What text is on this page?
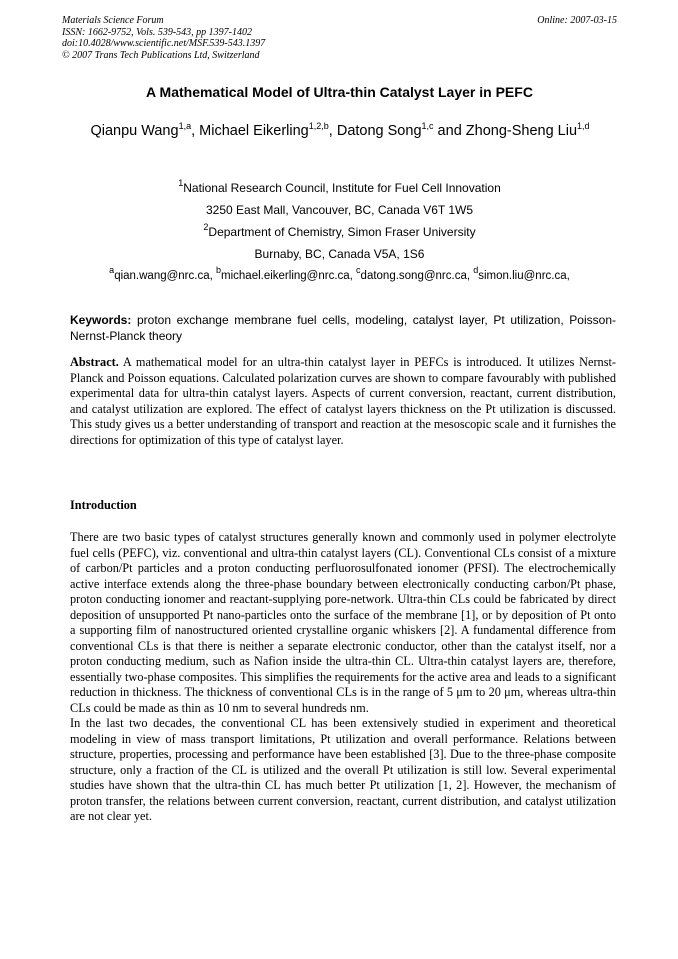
Materials Science Forum
ISSN: 1662-9752, Vols. 539-543, pp 1397-1402
doi:10.4028/www.scientific.net/MSF.539-543.1397
© 2007 Trans Tech Publications Ltd, Switzerland
Online: 2007-03-15
A Mathematical Model of Ultra-thin Catalyst Layer in PEFC
Qianpu Wang$^{1,a}$, Michael Eikerling$^{1,2,b}$, Datong Song$^{1,c}$ and Zhong-Sheng Liu$^{1,d}$
$^1$National Research Council, Institute for Fuel Cell Innovation
3250 East Mall, Vancouver, BC, Canada V6T 1W5
$^2$Department of Chemistry, Simon Fraser University
Burnaby, BC, Canada V5A, 1S6
$^a$qian.wang@nrc.ca, $^b$michael.eikerling@nrc.ca, $^c$datong.song@nrc.ca, $^d$simon.liu@nrc.ca,
Keywords: proton exchange membrane fuel cells, modeling, catalyst layer, Pt utilization, Poisson-Nernst-Planck theory
Abstract. A mathematical model for an ultra-thin catalyst layer in PEFCs is introduced. It utilizes Nernst-Planck and Poisson equations. Calculated polarization curves are shown to compare favourably with published experimental data for ultra-thin catalyst layers. Aspects of current conversion, reactant, current distribution, and catalyst utilization are explored. The effect of catalyst layers thickness on the Pt utilization is discussed. This study gives us a better understanding of transport and reaction at the mesoscopic scale and it furnishes the directions for optimization of this type of catalyst layer.
Introduction

There are two basic types of catalyst structures generally known and commonly used in polymer electrolyte fuel cells (PEFC), viz. conventional and ultra-thin catalyst layers (CL). Conventional CLs consist of a mixture of carbon/Pt particles and a proton conducting perfluorosulfonated ionomer (PFSI). The electrochemically active interface extends along the three-phase boundary between electronically conducting carbon/Pt phase, proton conducting ionomer and reactant-supplying pore-network. Ultra-thin CLs could be fabricated by direct deposition of unsupported Pt nano-particles onto the surface of the membrane [1], or by deposition of Pt onto a supporting film of nanostructured oriented crystalline organic whiskers [2]. A fundamental difference from conventional CLs is that there is neither a separate electronic conductor, other than the catalyst itself, nor a proton conducting medium, such as Nafion inside the ultra-thin CL. Ultra-thin catalyst layers are, therefore, essentially two-phase composites. This simplifies the requirements for the active area and leads to a significant reduction in thickness. The thickness of conventional CLs is in the range of 5 μm to 20 μm, whereas ultra-thin CLs could be made as thin as 10 nm to several hundreds nm.

In the last two decades, the conventional CL has been extensively studied in experiment and theoretical modeling in view of mass transport limitations, Pt utilization and overall performance. Relations between structure, properties, processing and performance have been established [3]. Due to the three-phase composite structure, only a fraction of the CL is utilized and the overall Pt utilization is still low. Several experimental studies have shown that the ultra-thin CL has much better Pt utilization [1, 2]. However, the mechanism of proton transfer, the relations between current conversion, reactant, current distribution, and catalyst utilization are not clear yet.
